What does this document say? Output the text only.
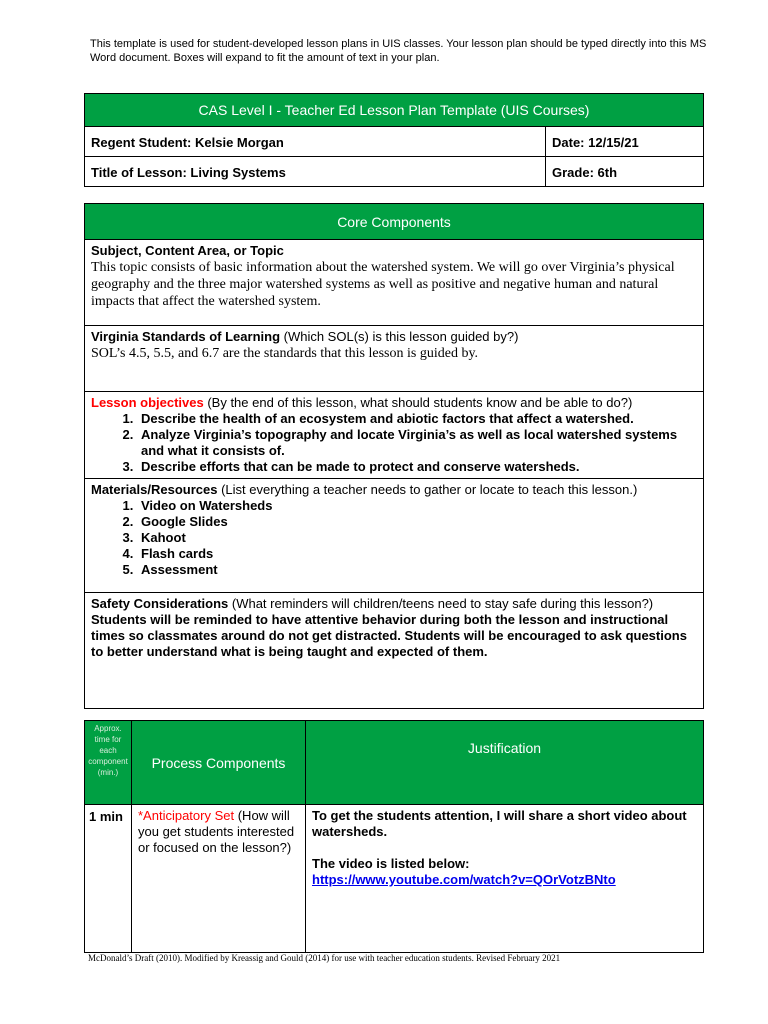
This template is used for student-developed lesson plans in UIS classes. Your lesson plan should be typed directly into this MS Word document. Boxes will expand to fit the amount of text in your plan.
CAS Level I - Teacher Ed Lesson Plan Template (UIS Courses)	
Regent Student: Kelsie Morgan	Date: 12/15/21
Title of Lesson: Living Systems	Grade: 6th
Core Components

Subject, Content Area, or Topic

This topic consists of basic information about the watershed system. We will go over Virginia’s physical geography and the three major watershed systems as well as positive and negative human and natural impacts that affect the watershed system.

Virginia Standards of Learning (Which SOL(s) is this lesson guided by?)

SOL’s 4.5, 5.5, and 6.7 are the standards that this lesson is guided by.

Lesson objectives (By the end of this lesson, what should students know and be able to do?)

1. Describe the health of an ecosystem and abiotic factors that affect a watershed.
2. Analyze Virginia’s topography and locate Virginia’s as well as local watershed systems and what it consists of.
3. Describe efforts that can be made to protect and conserve watersheds.

Materials/Resources (List everything a teacher needs to gather or locate to teach this lesson.)

1. Video on Watersheds
2. Google Slides
3. Kahoot
4. Flash cards
5. Assessment

Safety Considerations (What reminders will children/teens need to stay safe during this lesson?)

Students will be reminded to have attentive behavior during both the lesson and instructional times so classmates around do not get distracted. Students will be encouraged to ask questions to better understand what is being taught and expected of them.

Approx. time for each component (min.)	Process Components	Justification
1 min	*Anticipatory Set (How will you get students interested or focused on the lesson?)	To get the students attention, I will share a short video about watersheds.

The video is listed below:

https://www.youtube.com/watch?v=QOrVotzBNto
McDonald’s Draft (2010). Modified by Kreassig and Gould (2014) for use with teacher education students. Revised February 2021
